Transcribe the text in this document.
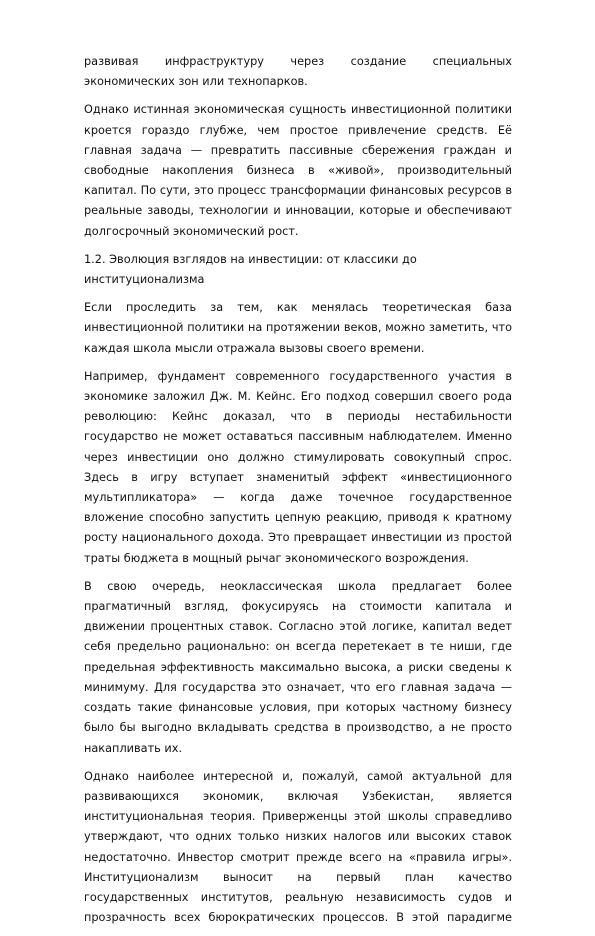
развивая инфраструктуру через создание специальных экономических зон или технопарков.

Однако истинная экономическая сущность инвестиционной политики кроется гораздо глубже, чем простое привлечение средств. Её главная задача — превратить пассивные сбережения граждан и свободные накопления бизнеса в «живой», производительный капитал. По сути, это процесс трансформации финансовых ресурсов в реальные заводы, технологии и инновации, которые и обеспечивают долгосрочный экономический рост.

1.2. Эволюция взглядов на инвестиции: от классики до институционализма

Если проследить за тем, как менялась теоретическая база инвестиционной политики на протяжении веков, можно заметить, что каждая школа мысли отражала вызовы своего времени.

Например, фундамент современного государственного участия в экономике заложил Дж. М. Кейнс. Его подход совершил своего рода революцию: Кейнс доказал, что в периоды нестабильности государство не может оставаться пассивным наблюдателем. Именно через инвестиции оно должно стимулировать совокупный спрос. Здесь в игру вступает знаменитый эффект «инвестиционного мультипликатора» — когда даже точечное государственное вложение способно запустить цепную реакцию, приводя к кратному росту национального дохода. Это превращает инвестиции из простой траты бюджета в мощный рычаг экономического возрождения.

В свою очередь, неоклассическая школа предлагает более прагматичный взгляд, фокусируясь на стоимости капитала и движении процентных ставок. Согласно этой логике, капитал ведет себя предельно рационально: он всегда перетекает в те ниши, где предельная эффективность максимально высока, а риски сведены к минимуму. Для государства это означает, что его главная задача — создать такие финансовые условия, при которых частному бизнесу было бы выгодно вкладывать средства в производство, а не просто накапливать их.

Однако наиболее интересной и, пожалуй, самой актуальной для развивающихся экономик, включая Узбекистан, является институциональная теория. Приверженцы этой школы справедливо утверждают, что одних только низких налогов или высоких ставок недостаточно. Инвестор смотрит прежде всего на «правила игры». Институционализм выносит на первый план качество государственных институтов, реальную независимость судов и прозрачность всех бюрократических процессов. В этой парадигме
